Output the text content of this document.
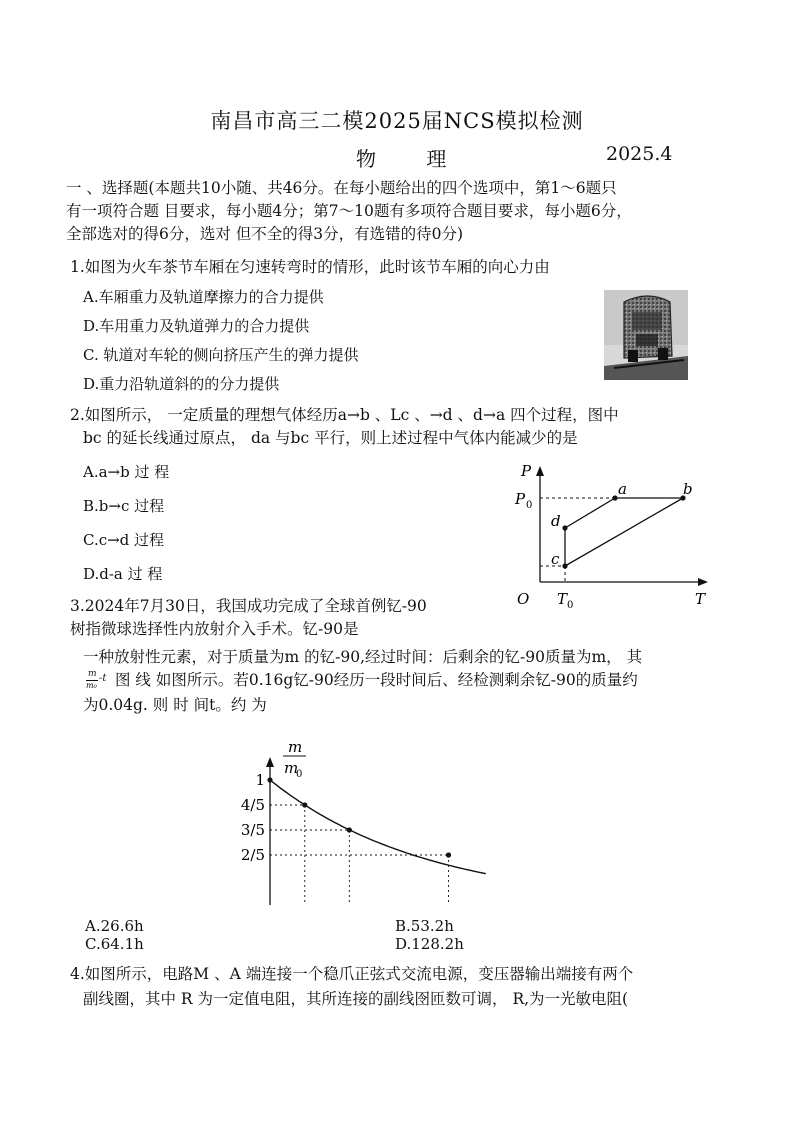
南昌市高三二模2025届NCS模拟检测
物 理	2025.4
一 、选择题(本题共10小随、共46分。在每小题给出的四个选项中，第1～6题只
有一项符合题 目要求，每小题4分；第7～10题有多项符合题目要求，每小题6分，
全部选对的得6分，选对 但不全的得3分，有选错的待0分)
1.如图为火车茶节车厢在匀速转弯时的情形，此时该节车厢的向心力由
A.车厢重力及轨道摩擦力的合力提供
D.车用重力及轨道弹力的合力提供
C. 轨道对车轮的侧向挤压产生的弹力提供
D.重力沿轨道斜的的分力提供
2.如图所示， 一定质量的理想气体经历a→b 、Lc 、→d 、d→a 四个过程，图中
bc 的延长线通过原点， da 与bc 平行，则上述过程中气体内能减少的是
A.a→b 过 程
B.b→c 过程
C.c→d 过程
D.d-a 过 程
P
T
O
P 0
T 0
a	b
c
d
3.2024年7月30日，我国成功完成了全球首例钇-90
树指微球选择性内放射介入手术。钇-90是
一种放射性元素，对于质量为m 的钇-90,经过时间：后剩余的钇-90质量为m， 其
m
m₀
-t 图 线 如图所示。若0.16g钇-90经历一段时间后、经检测剩余钇-90的质量约
为0.04g. 则 时 间t。约 为
m
m
0
1
4/5
3/5
2/5
A.26.6h	B.53.2h
C.64.1h	D.128.2h
4.如图所示，电路M 、A 端连接一个稳爪正弦式交流电源，变压器输出端接有两个
副线圈，其中 R 为一定值电阻，其所连接的副线囹匝数可调， R,为一光敏电阻(
